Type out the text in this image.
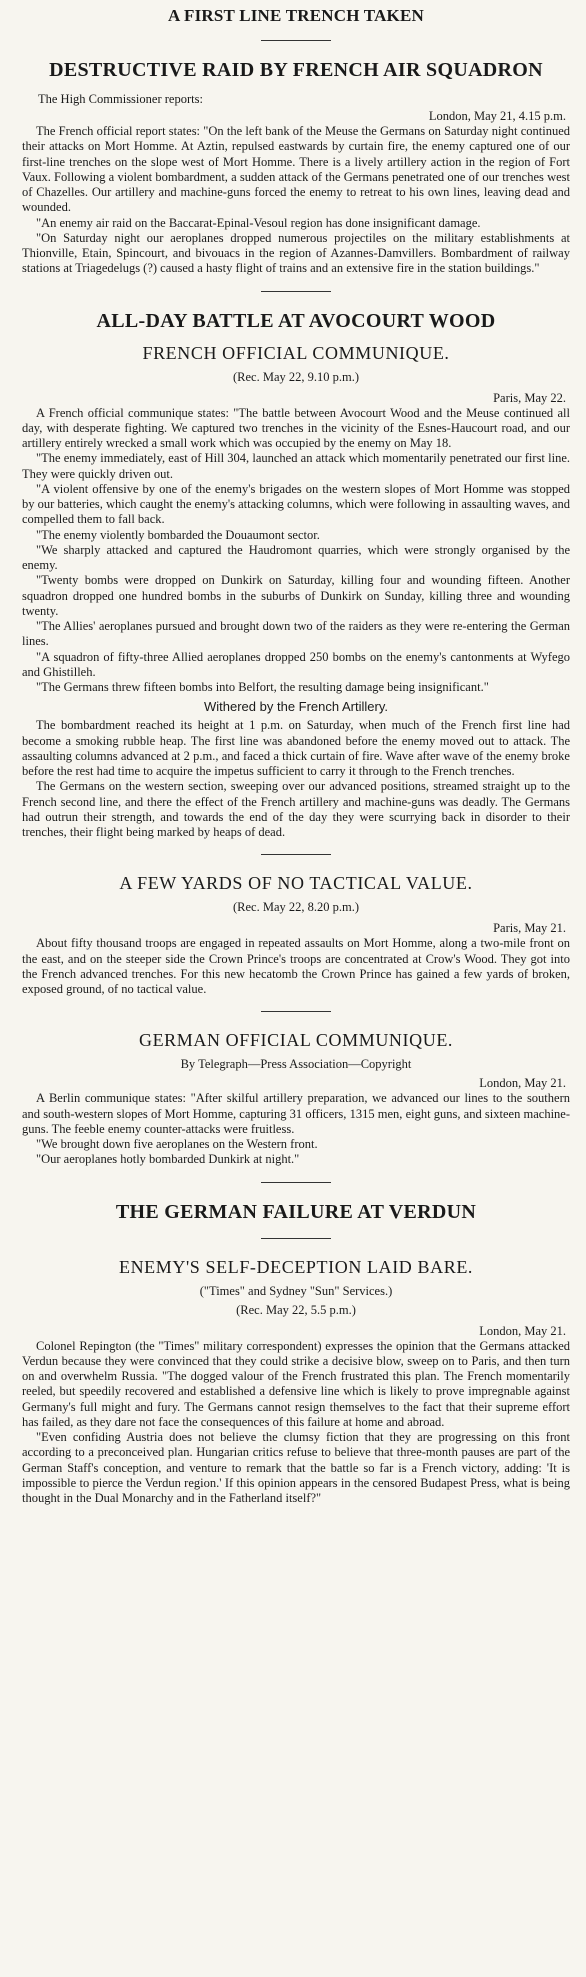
A FIRST LINE TRENCH TAKEN
DESTRUCTIVE RAID BY FRENCH AIR SQUADRON
The High Commissioner reports:
London, May 21, 4.15 p.m.

The French official report states: "On the left bank of the Meuse the Germans on Saturday night continued their attacks on Mort Homme. At Aztin, repulsed eastwards by curtain fire, the enemy captured one of our first-line trenches on the slope west of Mort Homme. There is a lively artillery action in the region of Fort Vaux. Following a violent bombardment, a sudden attack of the Germans penetrated one of our trenches west of Chazelles. Our artillery and machine-guns forced the enemy to retreat to his own lines, leaving dead and wounded.

"An enemy air raid on the Baccarat-Epinal-Vesoul region has done insignificant damage.

"On Saturday night our aeroplanes dropped numerous projectiles on the military establishments at Thionville, Etain, Spincourt, and bivouacs in the region of Azannes-Damvillers. Bombardment of railway stations at Triagedelugs (?) caused a hasty flight of trains and an extensive fire in the station buildings."

ALL-DAY BATTLE AT AVOCOURT WOOD
FRENCH OFFICIAL COMMUNIQUE.
(Rec. May 22, 9.10 p.m.)
Paris, May 22.

A French official communique states: "The battle between Avocourt Wood and the Meuse continued all day, with desperate fighting. We captured two trenches in the vicinity of the Esnes-Haucourt road, and our artillery entirely wrecked a small work which was occupied by the enemy on May 18.

"The enemy immediately, east of Hill 304, launched an attack which momentarily penetrated our first line. They were quickly driven out.

"A violent offensive by one of the enemy's brigades on the western slopes of Mort Homme was stopped by our batteries, which caught the enemy's attacking columns, which were following in assaulting waves, and compelled them to fall back.

"The enemy violently bombarded the Douaumont sector.

"We sharply attacked and captured the Haudromont quarries, which were strongly organised by the enemy.

"Twenty bombs were dropped on Dunkirk on Saturday, killing four and wounding fifteen. Another squadron dropped one hundred bombs in the suburbs of Dunkirk on Sunday, killing three and wounding twenty.

"The Allies' aeroplanes pursued and brought down two of the raiders as they were re-entering the German lines.

"A squadron of fifty-three Allied aeroplanes dropped 250 bombs on the enemy's cantonments at Wyfego and Ghistilleh.

"The Germans threw fifteen bombs into Belfort, the resulting damage being insignificant."

Withered by the French Artillery.

The bombardment reached its height at 1 p.m. on Saturday, when much of the French first line had become a smoking rubble heap. The first line was abandoned before the enemy moved out to attack. The assaulting columns advanced at 2 p.m., and faced a thick curtain of fire. Wave after wave of the enemy broke before the rest had time to acquire the impetus sufficient to carry it through to the French trenches.

The Germans on the western section, sweeping over our advanced positions, streamed straight up to the French second line, and there the effect of the French artillery and machine-guns was deadly. The Germans had outrun their strength, and towards the end of the day they were scurrying back in disorder to their trenches, their flight being marked by heaps of dead.

A FEW YARDS OF NO TACTICAL VALUE.
(Rec. May 22, 8.20 p.m.)
Paris, May 21.

About fifty thousand troops are engaged in repeated assaults on Mort Homme, along a two-mile front on the east, and on the steeper side the Crown Prince's troops are concentrated at Crow's Wood. They got into the French advanced trenches. For this new hecatomb the Crown Prince has gained a few yards of broken, exposed ground, of no tactical value.

GERMAN OFFICIAL COMMUNIQUE.
By Telegraph—Press Association—Copyright
London, May 21.

A Berlin communique states: "After skilful artillery preparation, we advanced our lines to the southern and south-western slopes of Mort Homme, capturing 31 officers, 1315 men, eight guns, and sixteen machine-guns. The feeble enemy counter-attacks were fruitless.

"We brought down five aeroplanes on the Western front.

"Our aeroplanes hotly bombarded Dunkirk at night."

THE GERMAN FAILURE AT VERDUN
ENEMY'S SELF-DECEPTION LAID BARE.
("Times" and Sydney "Sun" Services.)
(Rec. May 22, 5.5 p.m.)
London, May 21.

Colonel Repington (the "Times" military correspondent) expresses the opinion that the Germans attacked Verdun because they were convinced that they could strike a decisive blow, sweep on to Paris, and then turn on and overwhelm Russia. "The dogged valour of the French frustrated this plan. The French momentarily reeled, but speedily recovered and established a defensive line which is likely to prove impregnable against Germany's full might and fury. The Germans cannot resign themselves to the fact that their supreme effort has failed, as they dare not face the consequences of this failure at home and abroad.

"Even confiding Austria does not believe the clumsy fiction that they are progressing on this front according to a preconceived plan. Hungarian critics refuse to believe that three-month pauses are part of the German Staff's conception, and venture to remark that the battle so far is a French victory, adding: 'It is impossible to pierce the Verdun region.' If this opinion appears in the censored Budapest Press, what is being thought in the Dual Monarchy and in the Fatherland itself?"
